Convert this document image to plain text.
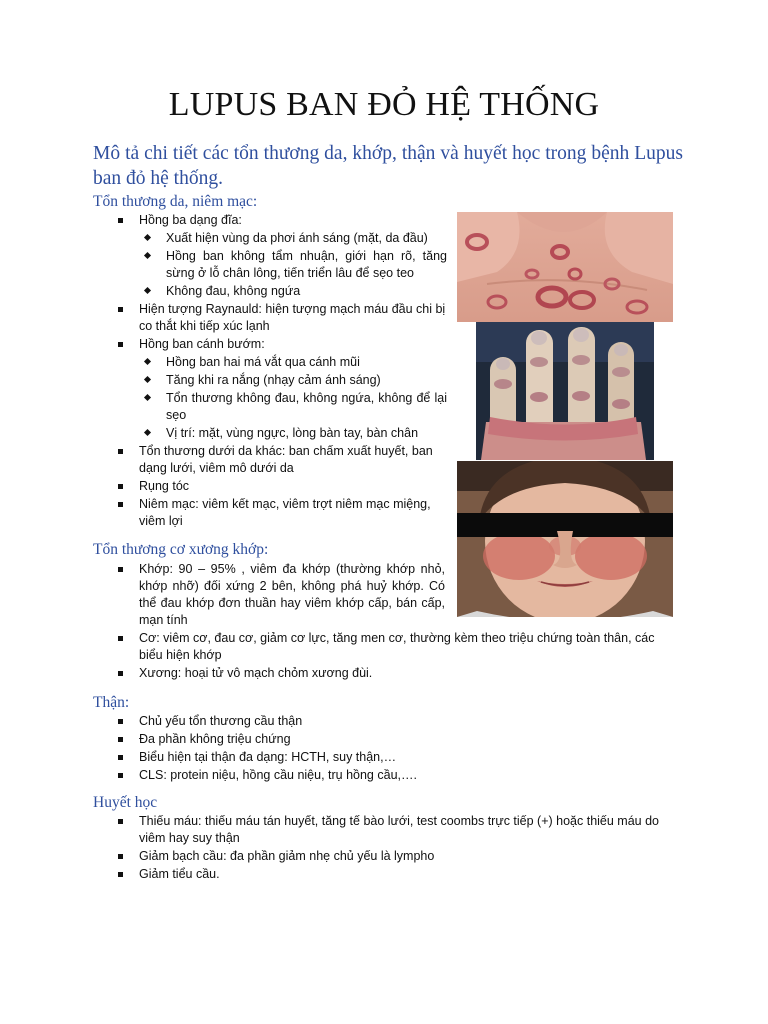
LUPUS BAN ĐỎ HỆ THỐNG
Mô tả chi tiết các tổn thương da, khớp, thận và huyết học trong bệnh Lupus ban đỏ hệ thống.
Tổn thương da, niêm mạc:
Hồng ba dạng đĩa:
Xuất hiện vùng da phơi ánh sáng (mặt, da đầu)
Hồng ban không tẩm nhuận, giới hạn rõ, tăng sừng ở lỗ chân lông, tiến triển lâu để sẹo teo
Không đau, không ngứa
Hiện tượng Raynauld: hiện tượng mạch máu đầu chi bị co thắt khi tiếp xúc lạnh
Hồng ban cánh bướm:
Hồng ban hai má vắt qua cánh mũi
Tăng khi ra nắng (nhạy cảm ánh sáng)
Tổn thương không đau, không ngứa, không để lại sẹo
Vị trí: mặt, vùng ngực, lòng bàn tay, bàn chân
Tổn thương dưới da khác: ban chấm xuất huyết, ban dạng lưới, viêm mô dưới da
Rụng tóc
Niêm mạc: viêm kết mạc, viêm trợt niêm mạc miệng, viêm lợi
Tổn thương cơ xương khớp:
Khớp: 90 – 95% , viêm đa khớp (thường khớp nhỏ, khớp nhỡ) đối xứng 2 bên, không phá huỷ khớp. Có thể đau khớp đơn thuần hay viêm khớp cấp, bán cấp, mạn tính
Cơ: viêm cơ, đau cơ, giảm cơ lực, tăng men cơ, thường kèm theo triệu chứng toàn thân, các biểu hiện khớp
Xương: hoại tử vô mạch chỏm xương đùi.
Thận:
Chủ yếu tổn thương cầu thận
Đa phần không triệu chứng
Biểu hiện tại thận đa dạng: HCTH, suy thận,…
CLS: protein niệu, hồng cầu niệu, trụ hồng cầu,….
Huyết học
Thiếu máu: thiếu máu tán huyết, tăng tế bào lưới, test coombs trực tiếp (+) hoặc thiếu máu do viêm hay suy thận
Giảm bạch cầu: đa phần giảm nhẹ chủ yếu là lympho
Giảm tiểu cầu.
